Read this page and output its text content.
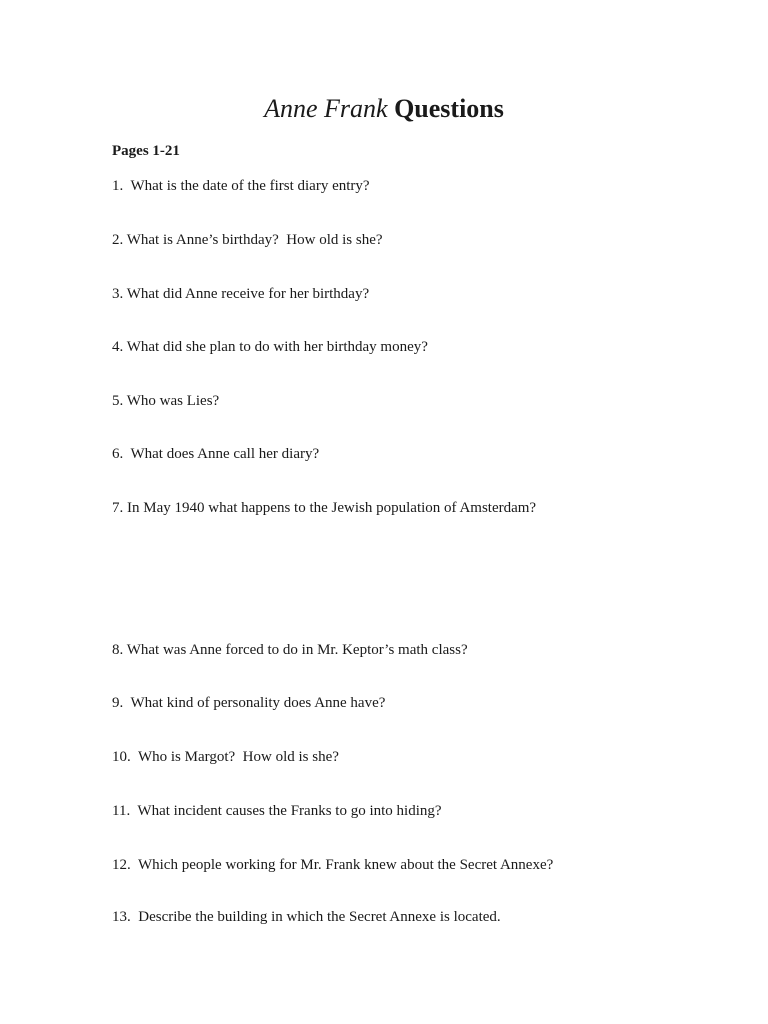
Anne Frank Questions

Pages 1-21

1.  What is the date of the first diary entry?

2. What is Anne’s birthday?  How old is she?

3. What did Anne receive for her birthday?

4. What did she plan to do with her birthday money?

5. Who was Lies?

6.  What does Anne call her diary?

7. In May 1940 what happens to the Jewish population of Amsterdam?

8. What was Anne forced to do in Mr. Keptor’s math class?

9.  What kind of personality does Anne have?

10.  Who is Margot?  How old is she?

11.  What incident causes the Franks to go into hiding?

12.  Which people working for Mr. Frank knew about the Secret Annexe?

13.  Describe the building in which the Secret Annexe is located.
